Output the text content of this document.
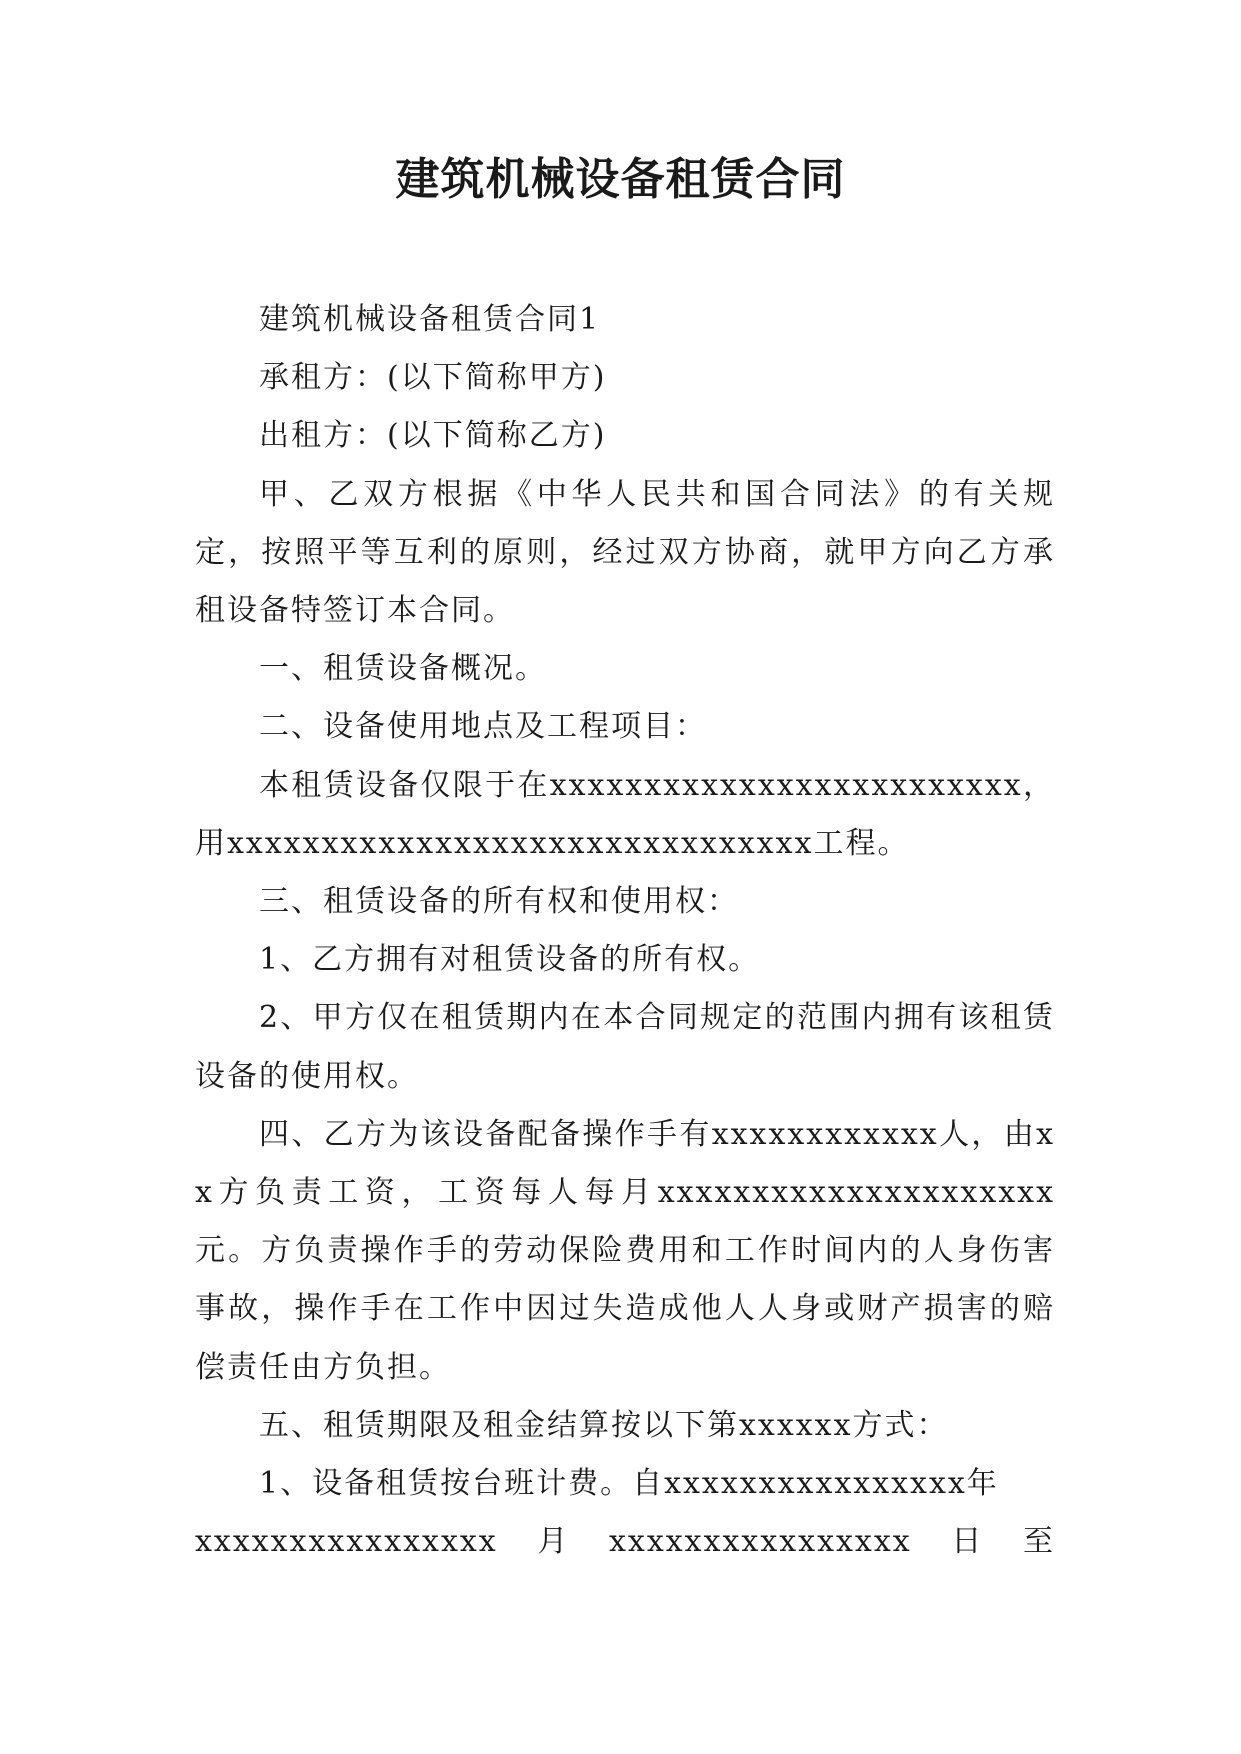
建筑机械设备租赁合同

建筑机械设备租赁合同1

承租方：(以下简称甲方)

出租方：(以下简称乙方)

甲、乙双方根据《中华人民共和国合同法》的有关规定，按照平等互利的原则，经过双方协商，就甲方向乙方承租设备特签订本合同。

一、租赁设备概况。

二、设备使用地点及工程项目：

本租赁设备仅限于在xxxxxxxxxxxxxxxxxxxxxxxxx，用xxxxxxxxxxxxxxxxxxxxxxxxxxxxxxx工程。

三、租赁设备的所有权和使用权：

1、乙方拥有对租赁设备的所有权。

2、甲方仅在租赁期内在本合同规定的范围内拥有该租赁设备的使用权。

四、乙方为该设备配备操作手有xxxxxxxxxxxx人，由xx方负责工资，工资每人每月xxxxxxxxxxxxxxxxxxxxx元。方负责操作手的劳动保险费用和工作时间内的人身伤害事故，操作手在工作中因过失造成他人人身或财产损害的赔偿责任由方负担。

五、租赁期限及租金结算按以下第xxxxxx方式：

1、设备租赁按台班计费。自xxxxxxxxxxxxxxxx年

xxxxxxxxxxxxxxxx 月 xxxxxxxxxxxxxxxx 日 至
